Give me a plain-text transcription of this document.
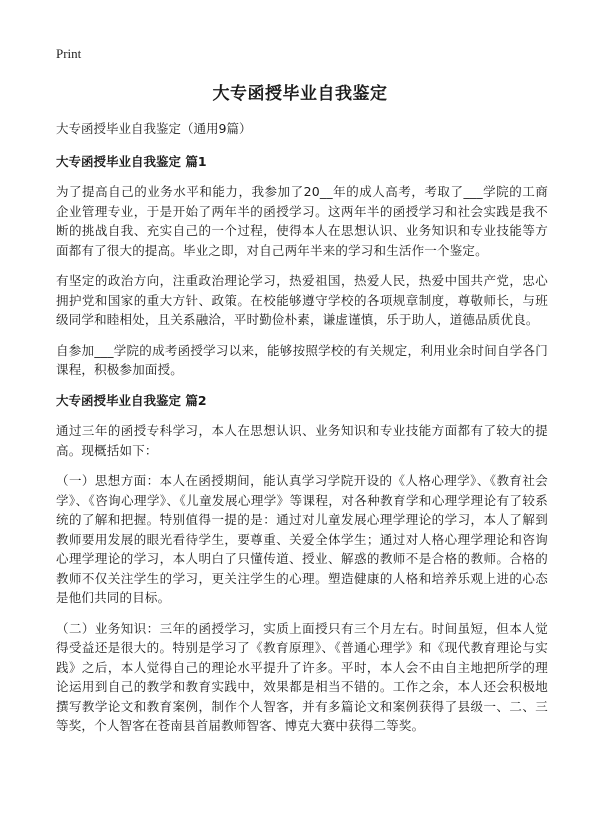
Print
大专函授毕业自我鉴定

大专函授毕业自我鉴定（通用9篇）

大专函授毕业自我鉴定 篇1

为了提高自己的业务水平和能力，我参加了20__年的成人高考，考取了___学院的工商企业管理专业，于是开始了两年半的函授学习。这两年半的函授学习和社会实践是我不断的挑战自我、充实自己的一个过程，使得本人在思想认识、业务知识和专业技能等方面都有了很大的提高。毕业之即，对自己两年半来的学习和生活作一个鉴定。

有坚定的政治方向，注重政治理论学习，热爱祖国，热爱人民，热爱中国共产党，忠心拥护党和国家的重大方针、政策。在校能够遵守学校的各项规章制度，尊敬师长，与班级同学和睦相处，且关系融洽，平时勤俭朴素，谦虚谨慎，乐于助人，道德品质优良。

自参加___学院的成考函授学习以来，能够按照学校的有关规定，利用业余时间自学各门课程，积极参加面授。

大专函授毕业自我鉴定 篇2

通过三年的函授专科学习，本人在思想认识、业务知识和专业技能方面都有了较大的提高。现概括如下：

（一）思想方面：本人在函授期间，能认真学习学院开设的《人格心理学》、《教育社会学》、《咨询心理学》、《儿童发展心理学》等课程，对各种教育学和心理学理论有了较系统的了解和把握。特别值得一提的是：通过对儿童发展心理学理论的学习，本人了解到教师要用发展的眼光看待学生，要尊重、关爱全体学生；通过对人格心理学理论和咨询心理学理论的学习，本人明白了只懂传道、授业、解惑的教师不是合格的教师。合格的教师不仅关注学生的学习，更关注学生的心理。塑造健康的人格和培养乐观上进的心态是他们共同的目标。

（二）业务知识：三年的函授学习，实质上面授只有三个月左右。时间虽短，但本人觉得受益还是很大的。特别是学习了《教育原理》、《普通心理学》和《现代教育理论与实践》之后，本人觉得自己的理论水平提升了许多。平时，本人会不由自主地把所学的理论运用到自己的教学和教育实践中，效果都是相当不错的。工作之余，本人还会积极地撰写教学论文和教育案例，制作个人智客，并有多篇论文和案例获得了县级一、二、三等奖，个人智客在苍南县首届教师智客、博克大赛中获得二等奖。
